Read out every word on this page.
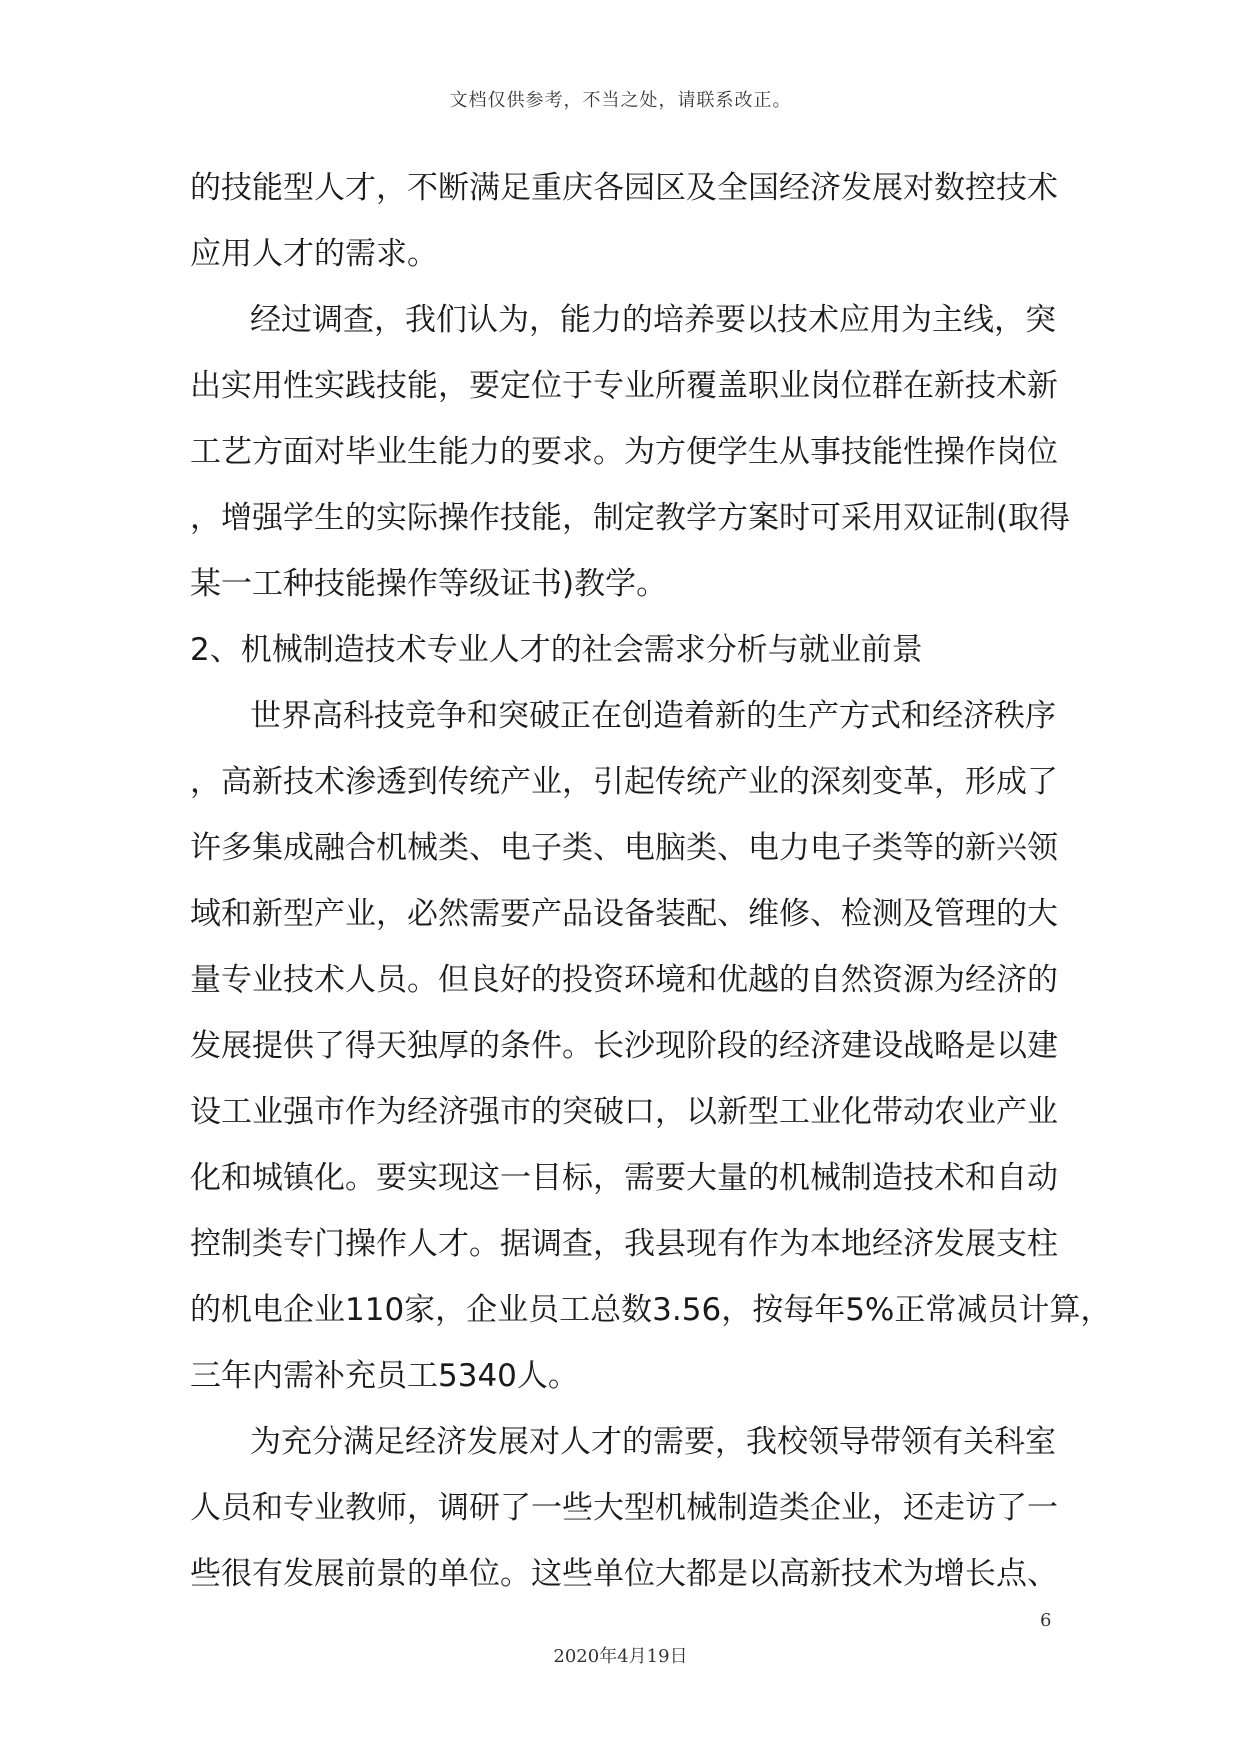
文档仅供参考，不当之处，请联系改正。
的技能型人才，不断满足重庆各园区及全国经济发展对数控技术
应用人才的需求。
经过调查，我们认为，能力的培养要以技术应用为主线，突
出实用性实践技能，要定位于专业所覆盖职业岗位群在新技术新
工艺方面对毕业生能力的要求。为方便学生从事技能性操作岗位
，增强学生的实际操作技能，制定教学方案时可采用双证制(取得
某一工种技能操作等级证书)教学。
2、机械制造技术专业人才的社会需求分析与就业前景
世界高科技竞争和突破正在创造着新的生产方式和经济秩序
，高新技术渗透到传统产业，引起传统产业的深刻变革，形成了
许多集成融合机械类、电子类、电脑类、电力电子类等的新兴领
域和新型产业，必然需要产品设备装配、维修、检测及管理的大
量专业技术人员。但良好的投资环境和优越的自然资源为经济的
发展提供了得天独厚的条件。长沙现阶段的经济建设战略是以建
设工业强市作为经济强市的突破口，以新型工业化带动农业产业
化和城镇化。要实现这一目标，需要大量的机械制造技术和自动
控制类专门操作人才。据调查，我县现有作为本地经济发展支柱
的机电企业110家，企业员工总数3.56，按每年5%正常减员计算，
三年内需补充员工5340人。
为充分满足经济发展对人才的需要，我校领导带领有关科室
人员和专业教师，调研了一些大型机械制造类企业，还走访了一
些很有发展前景的单位。这些单位大都是以高新技术为增长点、
6
2020年4月19日
